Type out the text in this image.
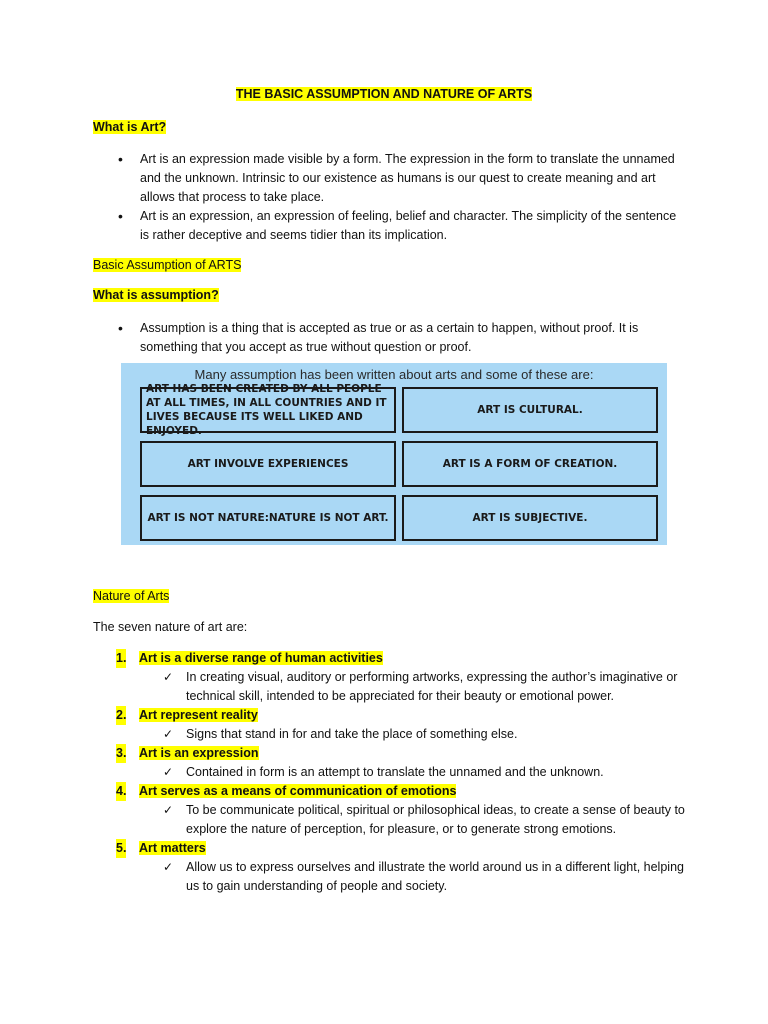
THE BASIC ASSUMPTION AND NATURE OF ARTS
What is Art?
• Art is an expression made visible by a form. The expression in the form to translate the unnamed and the unknown. Intrinsic to our existence as humans is our quest to create meaning and art allows that process to take place.
• Art is an expression, an expression of feeling, belief and character. The simplicity of the sentence is rather deceptive and seems tidier than its implication.
Basic Assumption of ARTS
What is assumption?
• Assumption is a thing that is accepted as true or as a certain to happen, without proof. It is something that you accept as true without question or proof.
Many assumption has been written about arts and some of these are:
ART HAS BEEN CREATED BY ALL PEOPLE AT ALL TIMES, IN ALL COUNTRIES AND IT LIVES BECAUSE ITS WELL LIKED AND ENJOYED.
ART IS CULTURAL.
ART INVOLVE EXPERIENCES	ART IS A FORM OF CREATION.
ART IS NOT NATURE:NATURE IS NOT ART.	ART IS SUBJECTIVE.
Nature of Arts
The seven nature of art are:
1. Art is a diverse range of human activities
✓ In creating visual, auditory or performing artworks, expressing the author’s imaginative or technical skill, intended to be appreciated for their beauty or emotional power.
2. Art represent reality
✓ Signs that stand in for and take the place of something else.
3. Art is an expression
✓ Contained in form is an attempt to translate the unnamed and the unknown.
4. Art serves as a means of communication of emotions
✓ To be communicate political, spiritual or philosophical ideas, to create a sense of beauty to explore the nature of perception, for pleasure, or to generate strong emotions.
5. Art matters
✓ Allow us to express ourselves and illustrate the world around us in a different light, helping us to gain understanding of people and society.
